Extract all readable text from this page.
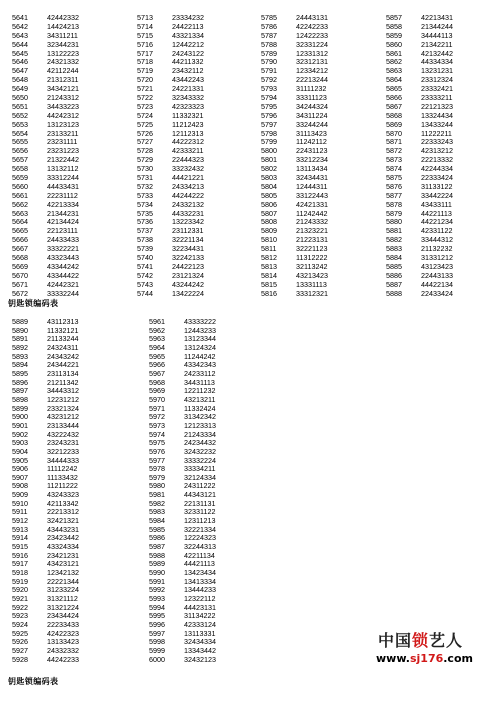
5641	42442332
5642	14424213
5643	34311211
5644	32344231
5645	13122223
5646	24321332
5647	42112244
5648	21312311
5649	34342121
5650	21243312
5651	34433223
5652	44242312
5653	13123123
5654	23133211
5655	23231111
5656	23231223
5657	21322442
5658	13132112
5659	33312244
5660	44433431
5661	22231112
5662	42213334
5663	21344231
5664	42134424
5665	22123111
5666	24433433
5667	33322221
5668	43323443
5669	43344242
5670	43344422
5671	42442321
5672	33332244
5713	23334232
5714	24422113
5715	43321334
5716	12442212
5717	24243122
5718	44211332
5719	23432112
5720	43442243
5721	24221331
5722	32343332
5723	42323323
5724	11332321
5725	11212423
5726	12112313
5727	44222312
5728	42333211
5729	22444323
5730	33232432
5731	44421221
5732	24334213
5733	44244222
5734	24332132
5735	44332231
5736	13223342
5737	23112331
5738	32221134
5739	32234431
5740	32242133
5741	24422123
5742	23121324
5743	43244242
5744	13422224
5785	24443131
5786	42242233
5787	12422233
5788	32331224
5789	12331312
5790	32312131
5791	12334212
5792	22213244
5793	31111232
5794	33311123
5795	34244324
5796	34311224
5797	33244244
5798	31113423
5799	11242112
5800	22431123
5801	33212234
5802	13113434
5803	32434431
5804	12444311
5805	33122443
5806	42421331
5807	11242442
5808	21243332
5809	21323221
5810	21223131
5811	32221123
5812	11312222
5813	32113242
5814	43213423
5815	13331113
5816	33312321
5857	42213431
5858	21344244
5859	34444113
5860	21342211
5861	42132442
5862	44334334
5863	13231231
5864	23312324
5865	23332421
5866	23333211
5867	22121323
5868	13324434
5869	13433244
5870	11222211
5871	22333243
5872	42313212
5873	22213332
5874	42244334
5875	22333424
5876	31133122
5877	33442224
5878	43433111
5879	44221113
5880	44221234
5881	42331122
5882	33444312
5883	21132232
5884	31331212
5885	43123423
5886	22443133
5887	44422134
5888	22433424
钥匙锁编码表
5889	43112313
5890	11332121
5891	21133244
5892	24324311
5893	24343242
5894	24344221
5895	23113134
5896	21211342
5897	34443312
5898	12231212
5899	23321324
5900	43231212
5901	23133444
5902	43222432
5903	23243231
5904	32212233
5905	34444333
5906	11112242
5907	11133432
5908	11211222
5909	43243323
5910	42113342
5911	22213312
5912	32421321
5913	43443231
5914	23423442
5915	43324334
5916	23421231
5917	43423121
5918	12342132
5919	22221344
5920	31233224
5921	31321112
5922	31321224
5923	23434424
5924	22233433
5925	42422323
5926	13133423
5927	24332332
5928	44242233
5961	43333222
5962	12443233
5963	13123344
5964	13124324
5965	11244242
5966	43342343
5967	24233112
5968	34431113
5969	12211232
5970	43213211
5971	11332424
5972	31342342
5973	12123313
5974	21243334
5975	24234432
5976	32432232
5977	33332224
5978	33334211
5979	32124334
5980	24311222
5981	44343121
5982	22131131
5983	32331122
5984	12311213
5985	32221334
5986	12224323
5987	32244313
5988	42211134
5989	44421113
5990	13423434
5991	13413334
5992	13444233
5993	12322112
5994	44423131
5995	31134222
5996	42333124
5997	13113331
5998	32434334
5999	13343442
6000	32432123
钥匙锁编码表
中国锁艺人
www.sj176.com
